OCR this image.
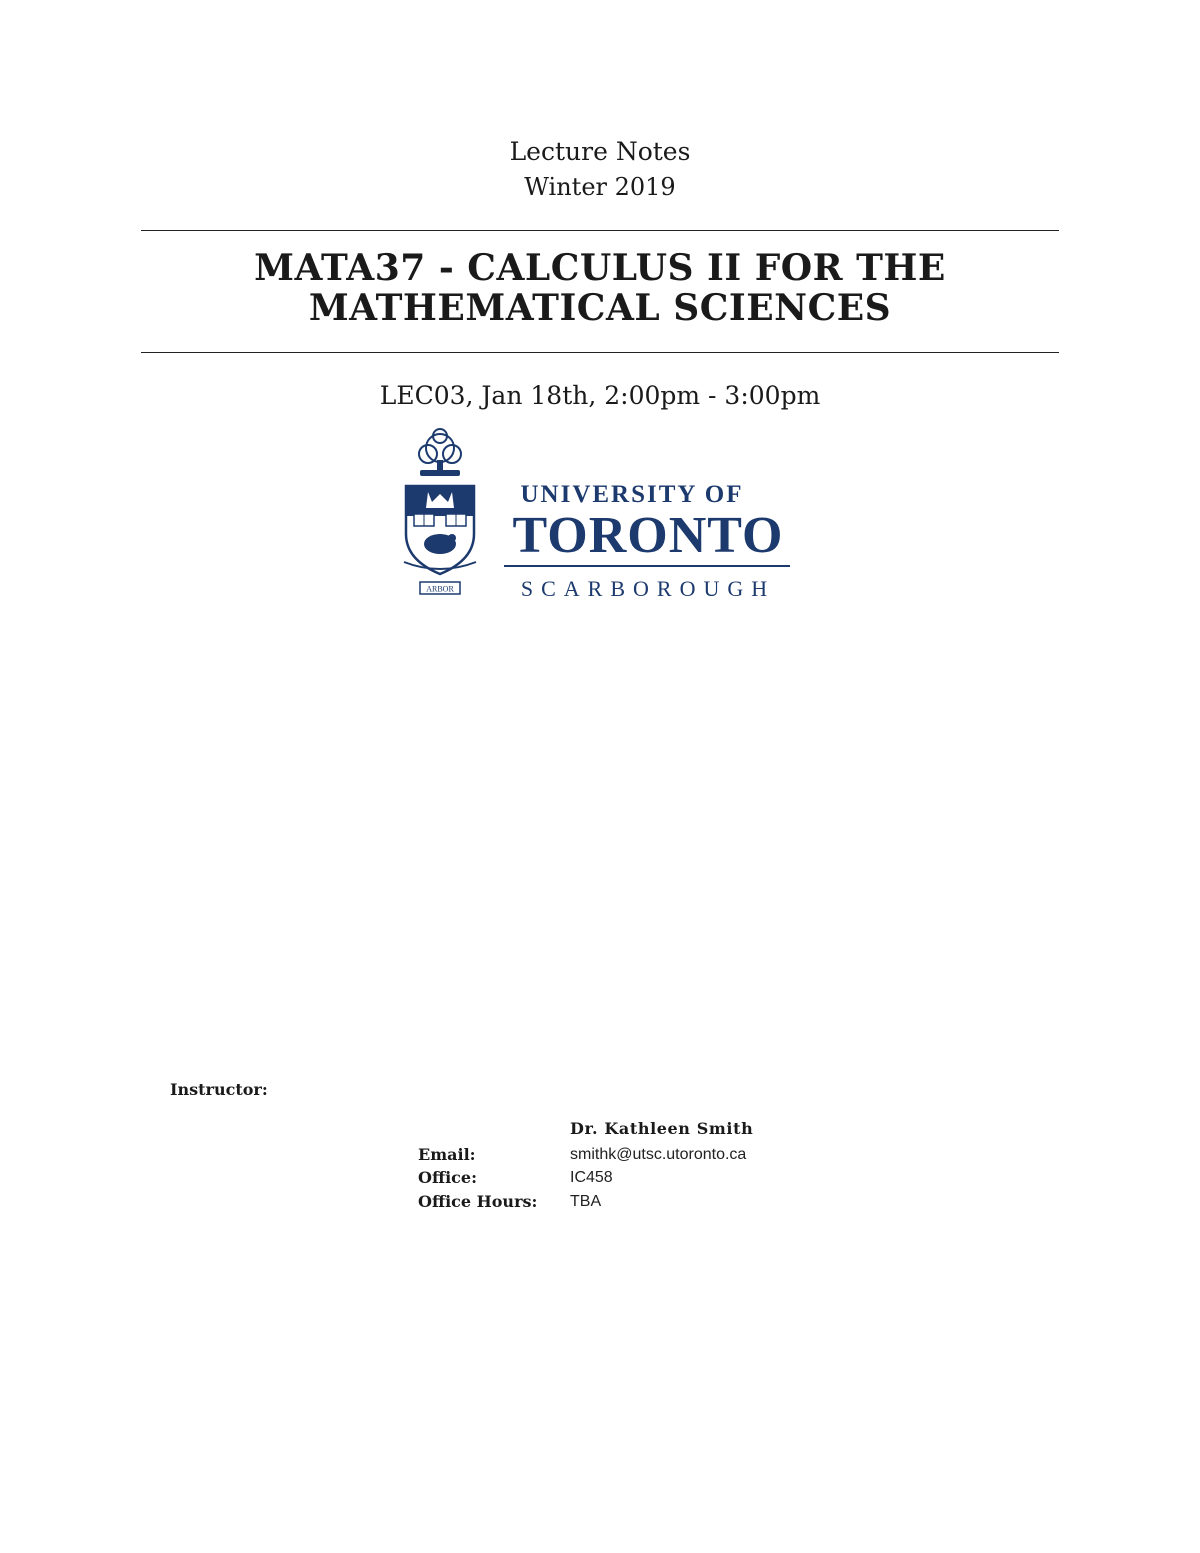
Lecture Notes
Winter 2019
MATA37 - CALCULUS II FOR THE
MATHEMATICAL SCIENCES
LEC03, Jan 18th, 2:00pm - 3:00pm
ARBOR
UNIVERSITY OF
TORONTO
SCARBOROUGH
Instructor:
Dr. Kathleen Smith
Email:	smithk@utsc.utoronto.ca
Office:	IC458
Office Hours:	TBA
